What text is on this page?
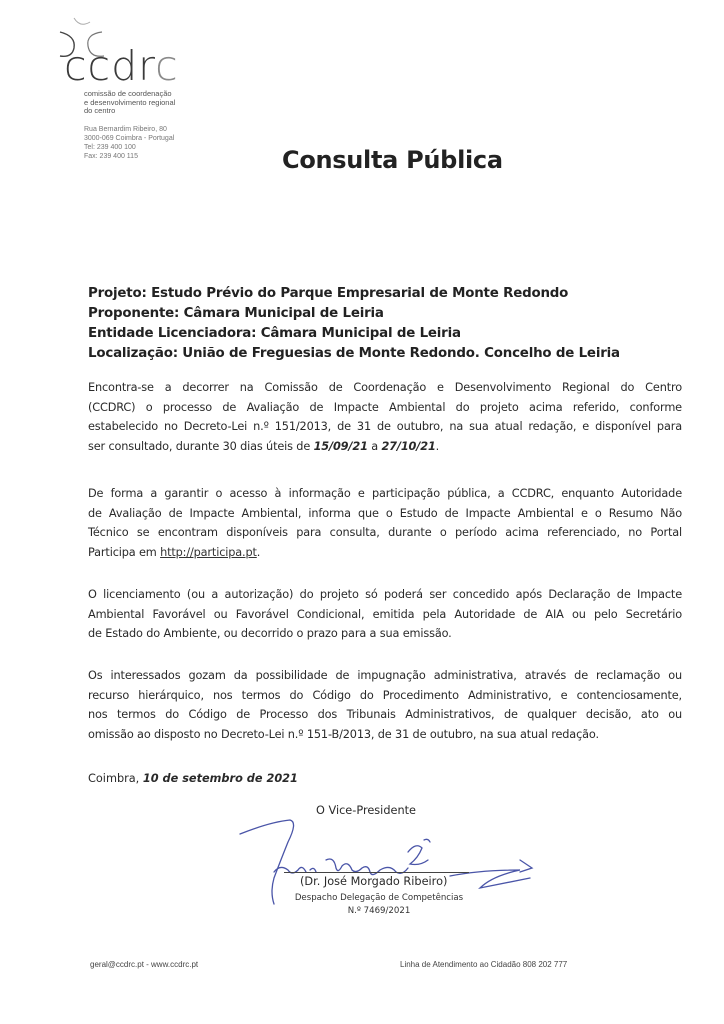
ccdrc
comissão de coordenação
e desenvolvimento regional
do centro
Rua Bernardim Ribeiro, 80
3000-069 Coimbra - Portugal
Tel: 239 400 100
Fax: 239 400 115	Consulta Pública
Projeto: Estudo Prévio do Parque Empresarial de Monte Redondo
Proponente: Câmara Municipal de Leiria
Entidade Licenciadora: Câmara Municipal de Leiria
Localização: União de Freguesias de Monte Redondo. Concelho de Leiria
Encontra-se a decorrer na Comissão de Coordenação e Desenvolvimento Regional do Centro
(CCDRC) o processo de Avaliação de Impacte Ambiental do projeto acima referido, conforme
estabelecido no Decreto-Lei n.º 151/2013, de 31 de outubro, na sua atual redação, e disponível para
ser consultado, durante 30 dias úteis de 15/09/21 a 27/10/21.
De forma a garantir o acesso à informação e participação pública, a CCDRC, enquanto Autoridade
de Avaliação de Impacte Ambiental, informa que o Estudo de Impacte Ambiental e o Resumo Não
Técnico se encontram disponíveis para consulta, durante o período acima referenciado, no Portal
Participa em http://participa.pt.
O licenciamento (ou a autorização) do projeto só poderá ser concedido após Declaração de Impacte
Ambiental Favorável ou Favorável Condicional, emitida pela Autoridade de AIA ou pelo Secretário
de Estado do Ambiente, ou decorrido o prazo para a sua emissão.
Os interessados gozam da possibilidade de impugnação administrativa, através de reclamação ou
recurso hierárquico, nos termos do Código do Procedimento Administrativo, e contenciosamente,
nos termos do Código de Processo dos Tribunais Administrativos, de qualquer decisão, ato ou
omissão ao disposto no Decreto-Lei n.º 151-B/2013, de 31 de outubro, na sua atual redação.
Coimbra, 10 de setembro de 2021
O Vice-Presidente
(Dr. José Morgado Ribeiro)
Despacho Delegação de Competências
N.º 7469/2021
geral@ccdrc.pt - www.ccdrc.pt	Linha de Atendimento ao Cidadão 808 202 777
